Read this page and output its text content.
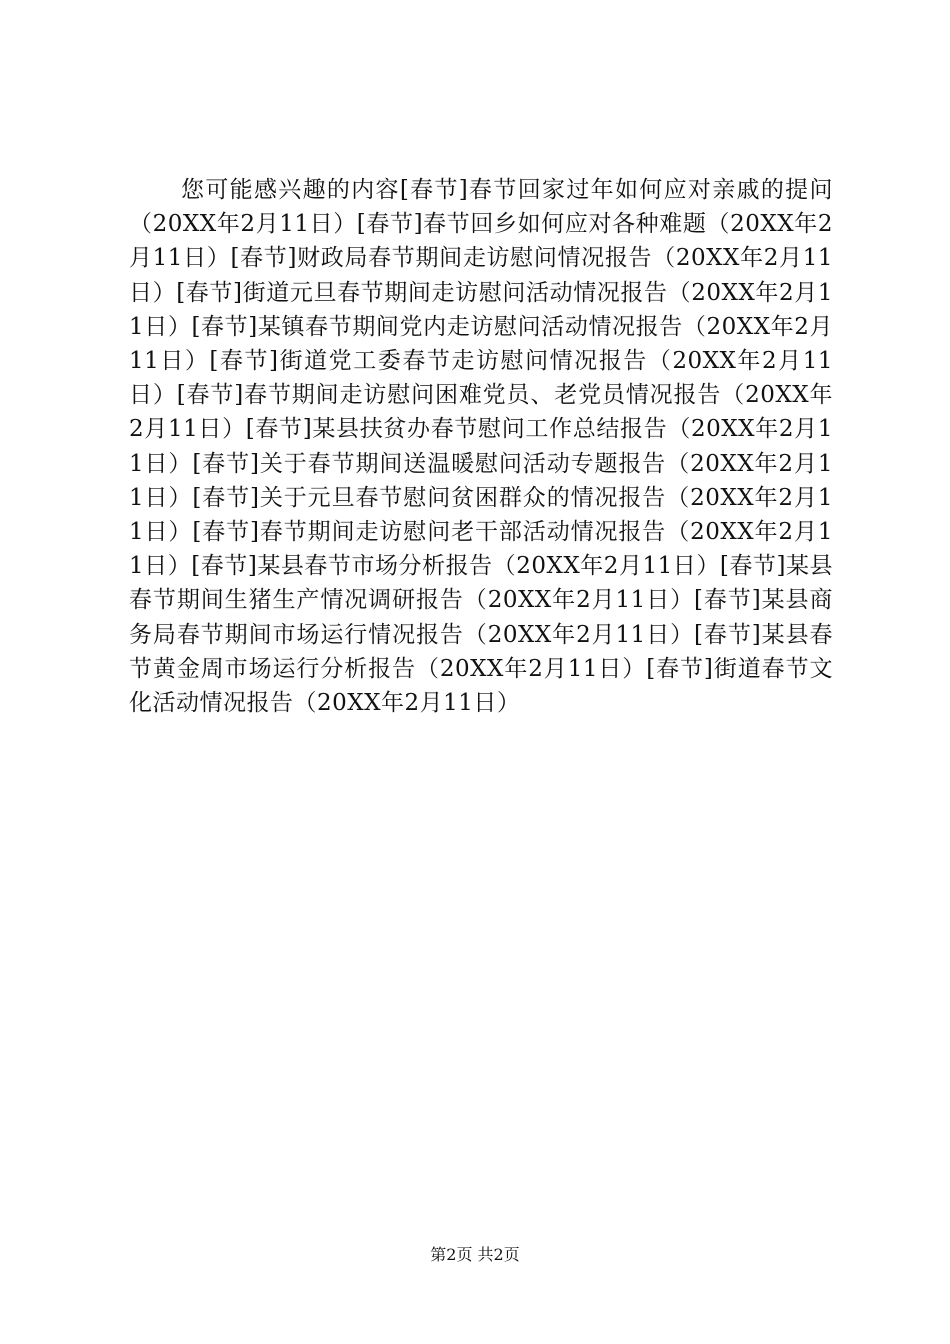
您可能感兴趣的内容[春节]春节回家过年如何应对亲戚的提问（20XX年2月11日）[春节]春节回乡如何应对各种难题（20XX年2月11日）[春节]财政局春节期间走访慰问情况报告（20XX年2月11日）[春节]街道元旦春节期间走访慰问活动情况报告（20XX年2月11日）[春节]某镇春节期间党内走访慰问活动情况报告（20XX年2月11日）[春节]街道党工委春节走访慰问情况报告（20XX年2月11日）[春节]春节期间走访慰问困难党员、老党员情况报告（20XX年2月11日）[春节]某县扶贫办春节慰问工作总结报告（20XX年2月11日）[春节]关于春节期间送温暖慰问活动专题报告（20XX年2月11日）[春节]关于元旦春节慰问贫困群众的情况报告（20XX年2月11日）[春节]春节期间走访慰问老干部活动情况报告（20XX年2月11日）[春节]某县春节市场分析报告（20XX年2月11日）[春节]某县春节期间生猪生产情况调研报告（20XX年2月11日）[春节]某县商务局春节期间市场运行情况报告（20XX年2月11日）[春节]某县春节黄金周市场运行分析报告（20XX年2月11日）[春节]街道春节文化活动情况报告（20XX年2月11日）

第2页 共2页
